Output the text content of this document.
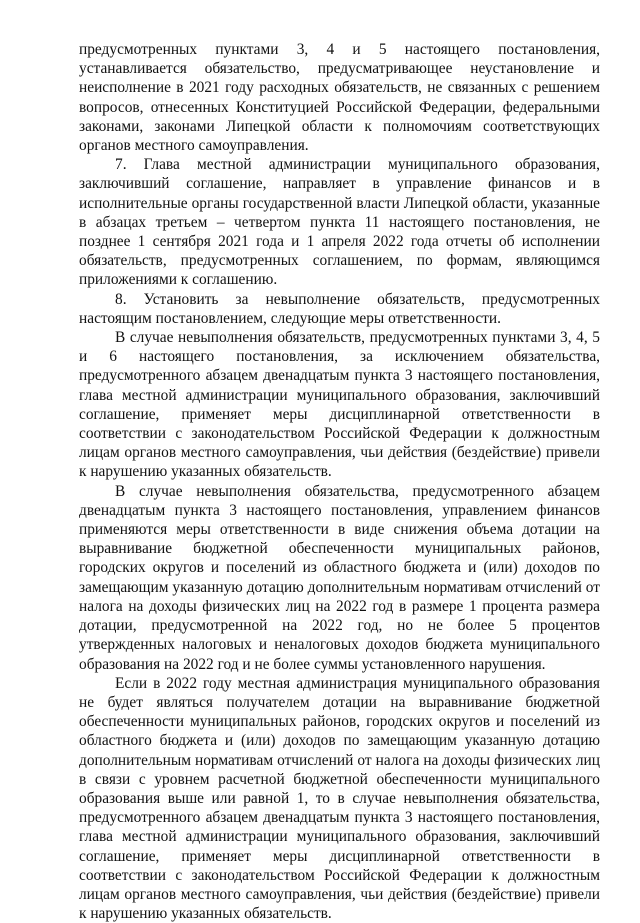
предусмотренных пунктами 3, 4 и 5 настоящего постановления, устанавливается обязательство, предусматривающее неустановление и неисполнение в 2021 году расходных обязательств, не связанных с решением вопросов, отнесенных Конституцией Российской Федерации, федеральными законами, законами Липецкой области к полномочиям соответствующих органов местного самоуправления.

7. Глава местной администрации муниципального образования, заключивший соглашение, направляет в управление финансов и в исполнительные органы государственной власти Липецкой области, указанные в абзацах третьем – четвертом пункта 11 настоящего постановления, не позднее 1 сентября 2021 года и 1 апреля 2022 года отчеты об исполнении обязательств, предусмотренных соглашением, по формам, являющимся приложениями к соглашению.

8. Установить за невыполнение обязательств, предусмотренных настоящим постановлением, следующие меры ответственности.

В случае невыполнения обязательств, предусмотренных пунктами 3, 4, 5 и 6 настоящего постановления, за исключением обязательства, предусмотренного абзацем двенадцатым пункта 3 настоящего постановления, глава местной администрации муниципального образования, заключивший соглашение, применяет меры дисциплинарной ответственности в соответствии с законодательством Российской Федерации к должностным лицам органов местного самоуправления, чьи действия (бездействие) привели к нарушению указанных обязательств.

В случае невыполнения обязательства, предусмотренного абзацем двенадцатым пункта 3 настоящего постановления, управлением финансов применяются меры ответственности в виде снижения объема дотации на выравнивание бюджетной обеспеченности муниципальных районов, городских округов и поселений из областного бюджета и (или) доходов по замещающим указанную дотацию дополнительным нормативам отчислений от налога на доходы физических лиц на 2022 год в размере 1 процента размера дотации, предусмотренной на 2022 год, но не более 5 процентов утвержденных налоговых и неналоговых доходов бюджета муниципального образования на 2022 год и не более суммы установленного нарушения.

Если в 2022 году местная администрация муниципального образования не будет являться получателем дотации на выравнивание бюджетной обеспеченности муниципальных районов, городских округов и поселений из областного бюджета и (или) доходов по замещающим указанную дотацию дополнительным нормативам отчислений от налога на доходы физических лиц в связи с уровнем расчетной бюджетной обеспеченности муниципального образования выше или равной 1, то в случае невыполнения обязательства, предусмотренного абзацем двенадцатым пункта 3 настоящего постановления, глава местной администрации муниципального образования, заключивший соглашение, применяет меры дисциплинарной ответственности в соответствии с законодательством Российской Федерации к должностным лицам органов местного самоуправления, чьи действия (бездействие) привели к нарушению указанных обязательств.
